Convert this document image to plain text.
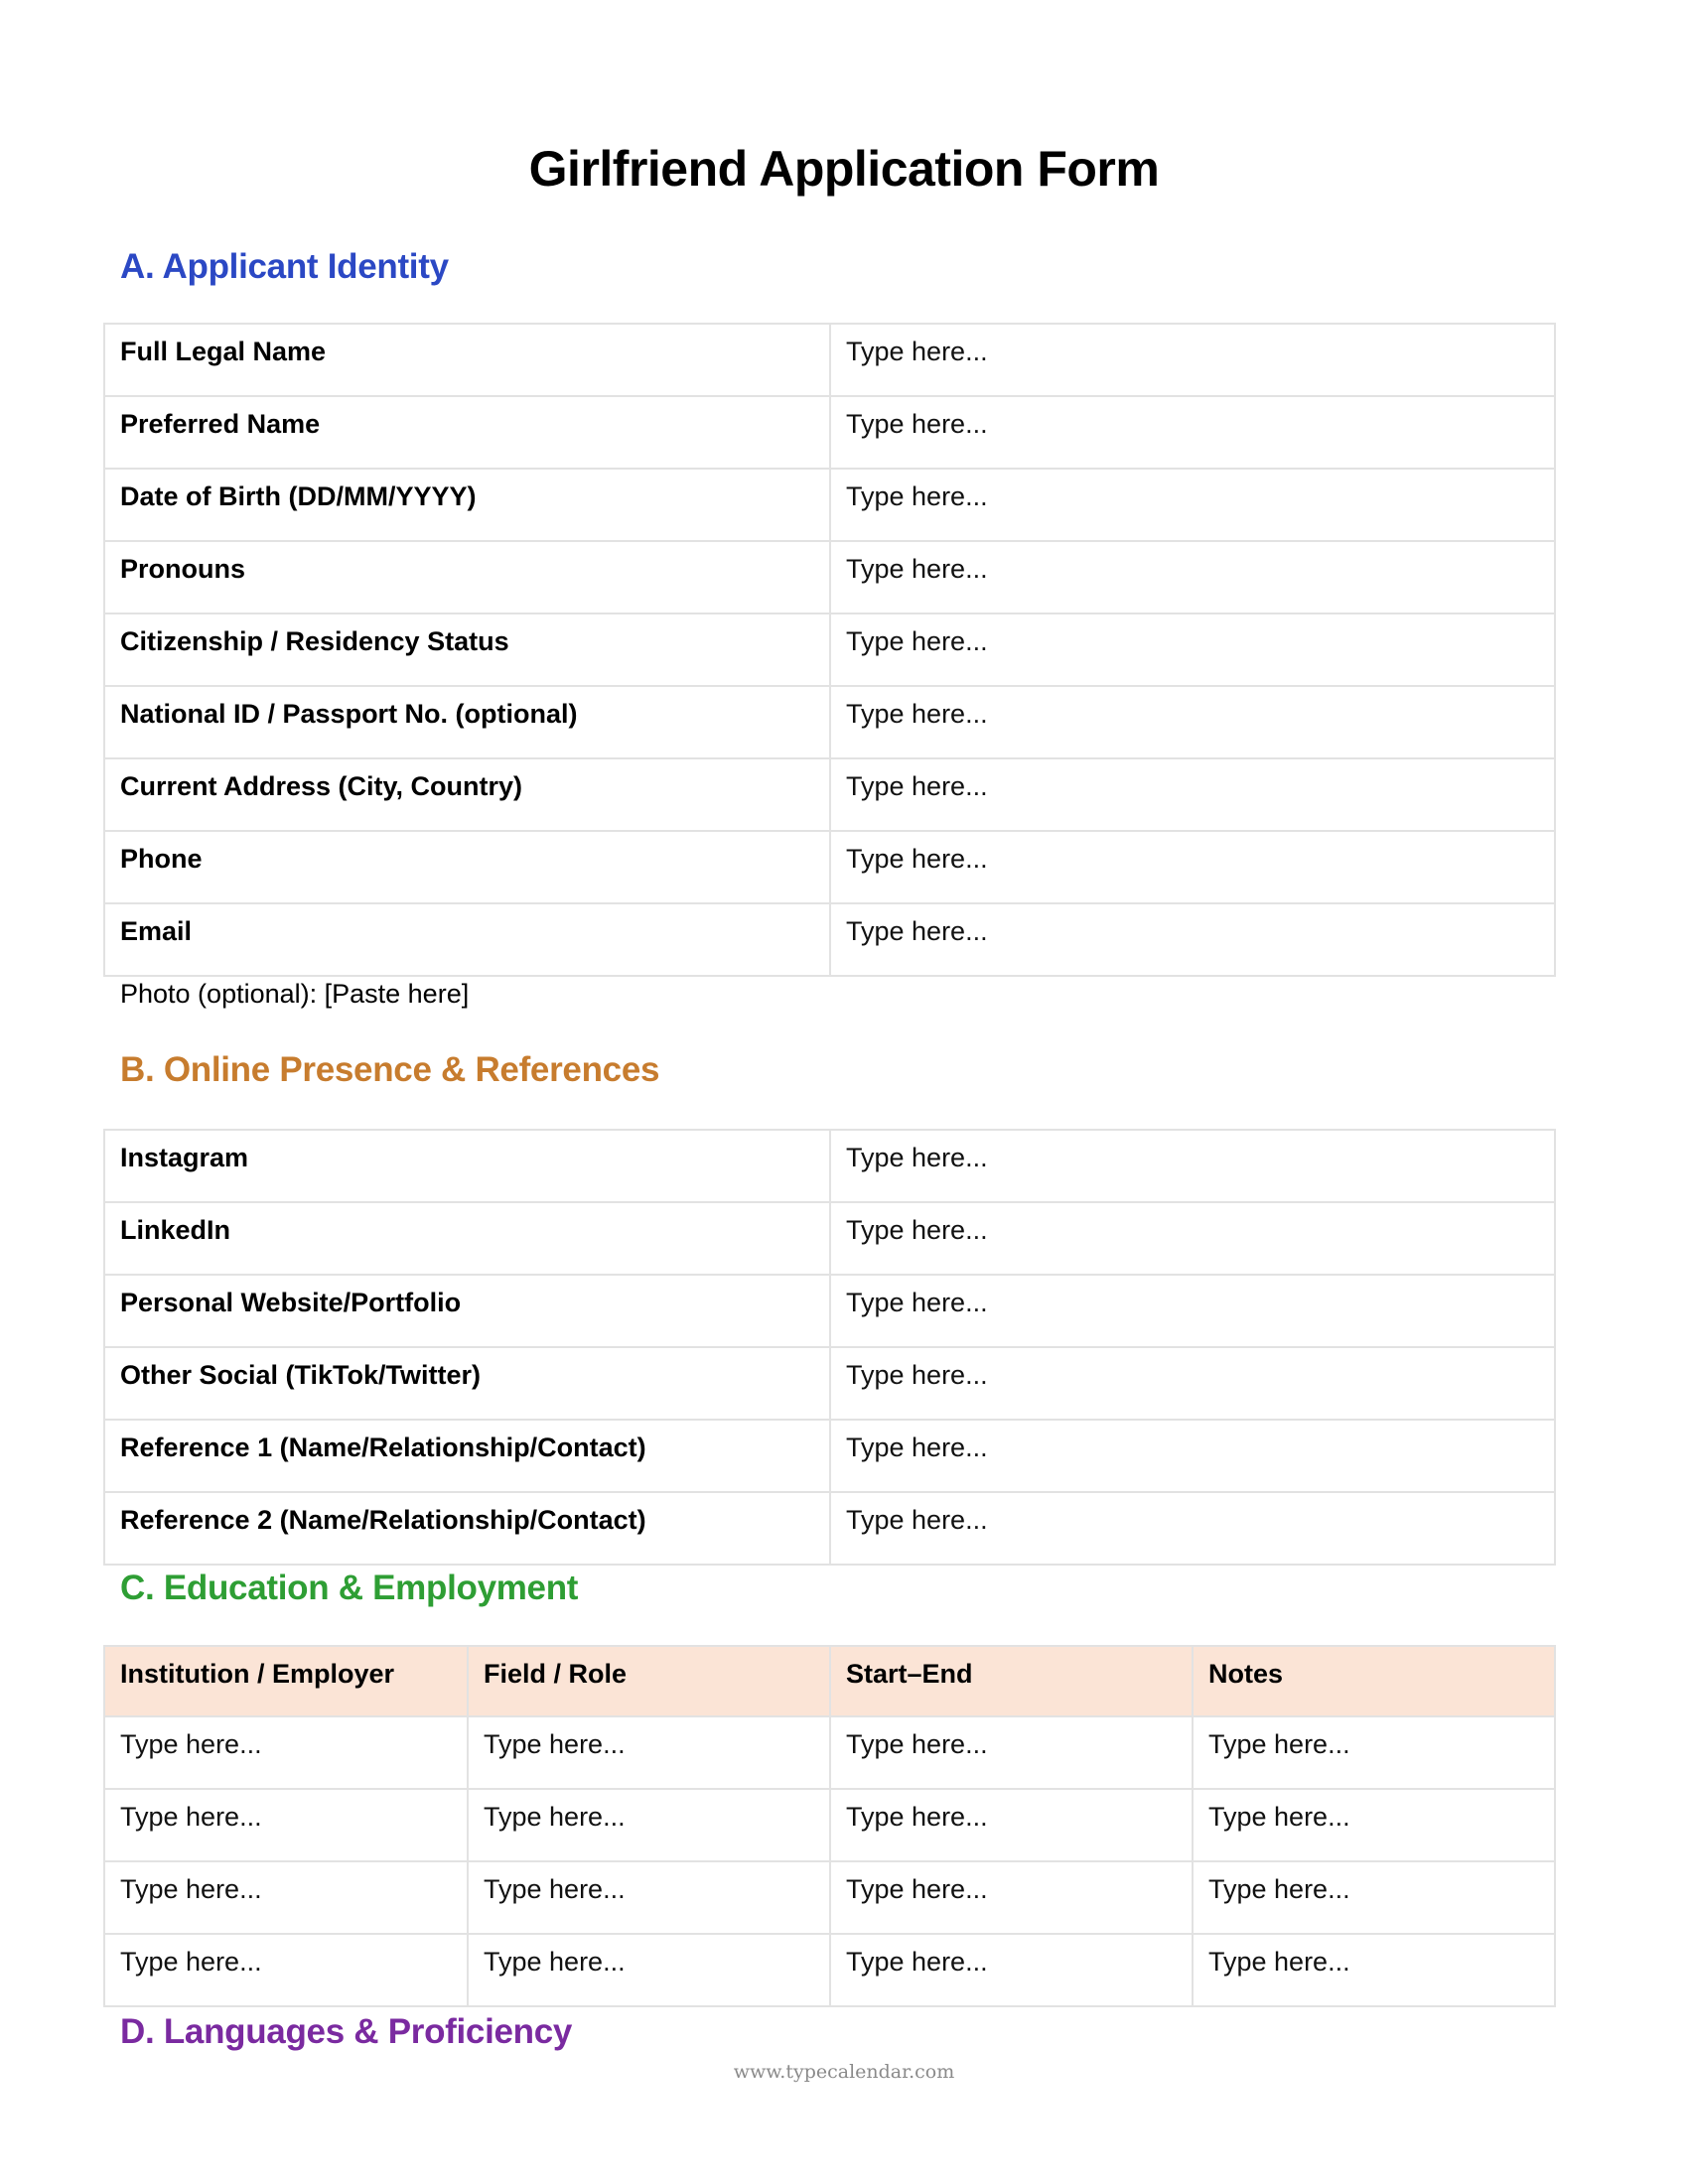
Girlfriend Application Form
A. Applicant Identity
Full Legal Name	Type here...
Preferred Name	Type here...
Date of Birth (DD/MM/YYYY)	Type here...
Pronouns	Type here...
Citizenship / Residency Status	Type here...
National ID / Passport No. (optional)	Type here...
Current Address (City, Country)	Type here...
Phone	Type here...
Email	Type here...
Photo (optional): [Paste here]
B. Online Presence & References
Instagram	Type here...
LinkedIn	Type here...
Personal Website/Portfolio	Type here...
Other Social (TikTok/Twitter)	Type here...
Reference 1 (Name/Relationship/Contact)	Type here...
Reference 2 (Name/Relationship/Contact)	Type here...
C. Education & Employment
Institution / Employer	Field / Role	Start–End	Notes
Type here...	Type here...	Type here...	Type here...
Type here...	Type here...	Type here...	Type here...
Type here...	Type here...	Type here...	Type here...
Type here...	Type here...	Type here...	Type here...
D. Languages & Proficiency
www.typecalendar.com
